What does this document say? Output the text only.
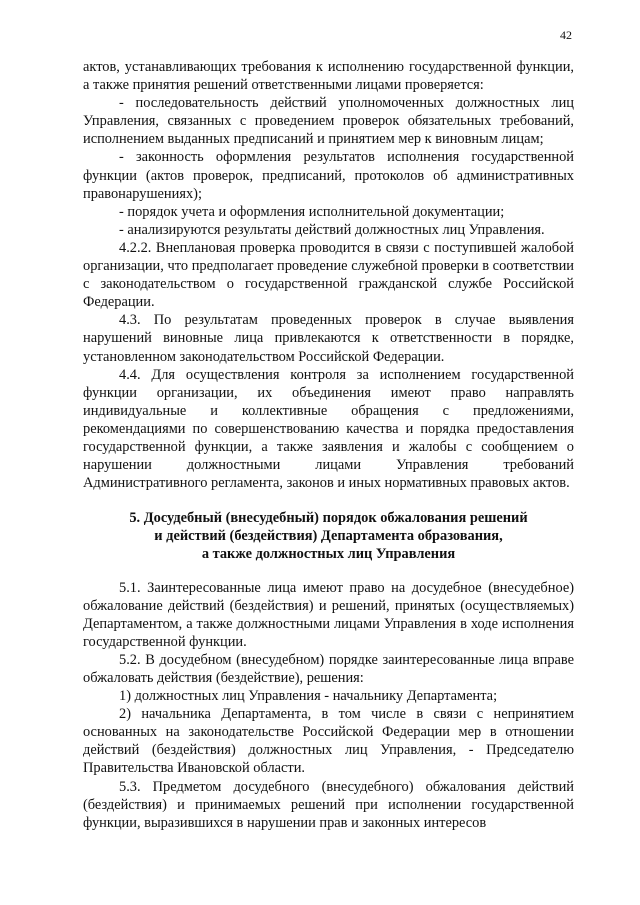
42

актов, устанавливающих требования к исполнению государственной функции, а также принятия решений ответственными лицами проверяется:

- последовательность действий уполномоченных должностных лиц Управления, связанных с проведением проверок обязательных требований, исполнением выданных предписаний и принятием мер к виновным лицам;

- законность оформления результатов исполнения государственной функции (актов проверок, предписаний, протоколов об административных правонарушениях);

- порядок учета и оформления исполнительной документации;

- анализируются результаты действий должностных лиц Управления.

4.2.2. Внеплановая проверка проводится в связи с поступившей жалобой организации, что предполагает проведение служебной проверки в соответствии с законодательством о государственной гражданской службе Российской Федерации.

4.3. По результатам проведенных проверок в случае выявления нарушений виновные лица привлекаются к ответственности в порядке, установленном законодательством Российской Федерации.

4.4. Для осуществления контроля за исполнением государственной функции организации, их объединения имеют право направлять индивидуальные и коллективные обращения с предложениями, рекомендациями по совершенствованию качества и порядка предоставления государственной функции, а также заявления и жалобы с сообщением о нарушении должностными лицами Управления требований Административного регламента, законов и иных нормативных правовых актов.

5. Досудебный (внесудебный) порядок обжалования решений
и действий (бездействия) Департамента образования,
а также должностных лиц Управления

5.1. Заинтересованные лица имеют право на досудебное (внесудебное) обжалование действий (бездействия) и решений, принятых (осуществляемых) Департаментом, а также должностными лицами Управления в ходе исполнения государственной функции.

5.2. В досудебном (внесудебном) порядке заинтересованные лица вправе обжаловать действия (бездействие), решения:

1) должностных лиц Управления - начальнику Департамента;

2) начальника Департамента, в том числе в связи с непринятием основанных на законодательстве Российской Федерации мер в отношении действий (бездействия) должностных лиц Управления, - Председателю Правительства Ивановской области.

5.3. Предметом досудебного (внесудебного) обжалования действий (бездействия) и принимаемых решений при исполнении государственной функции, выразившихся в нарушении прав и законных интересов
